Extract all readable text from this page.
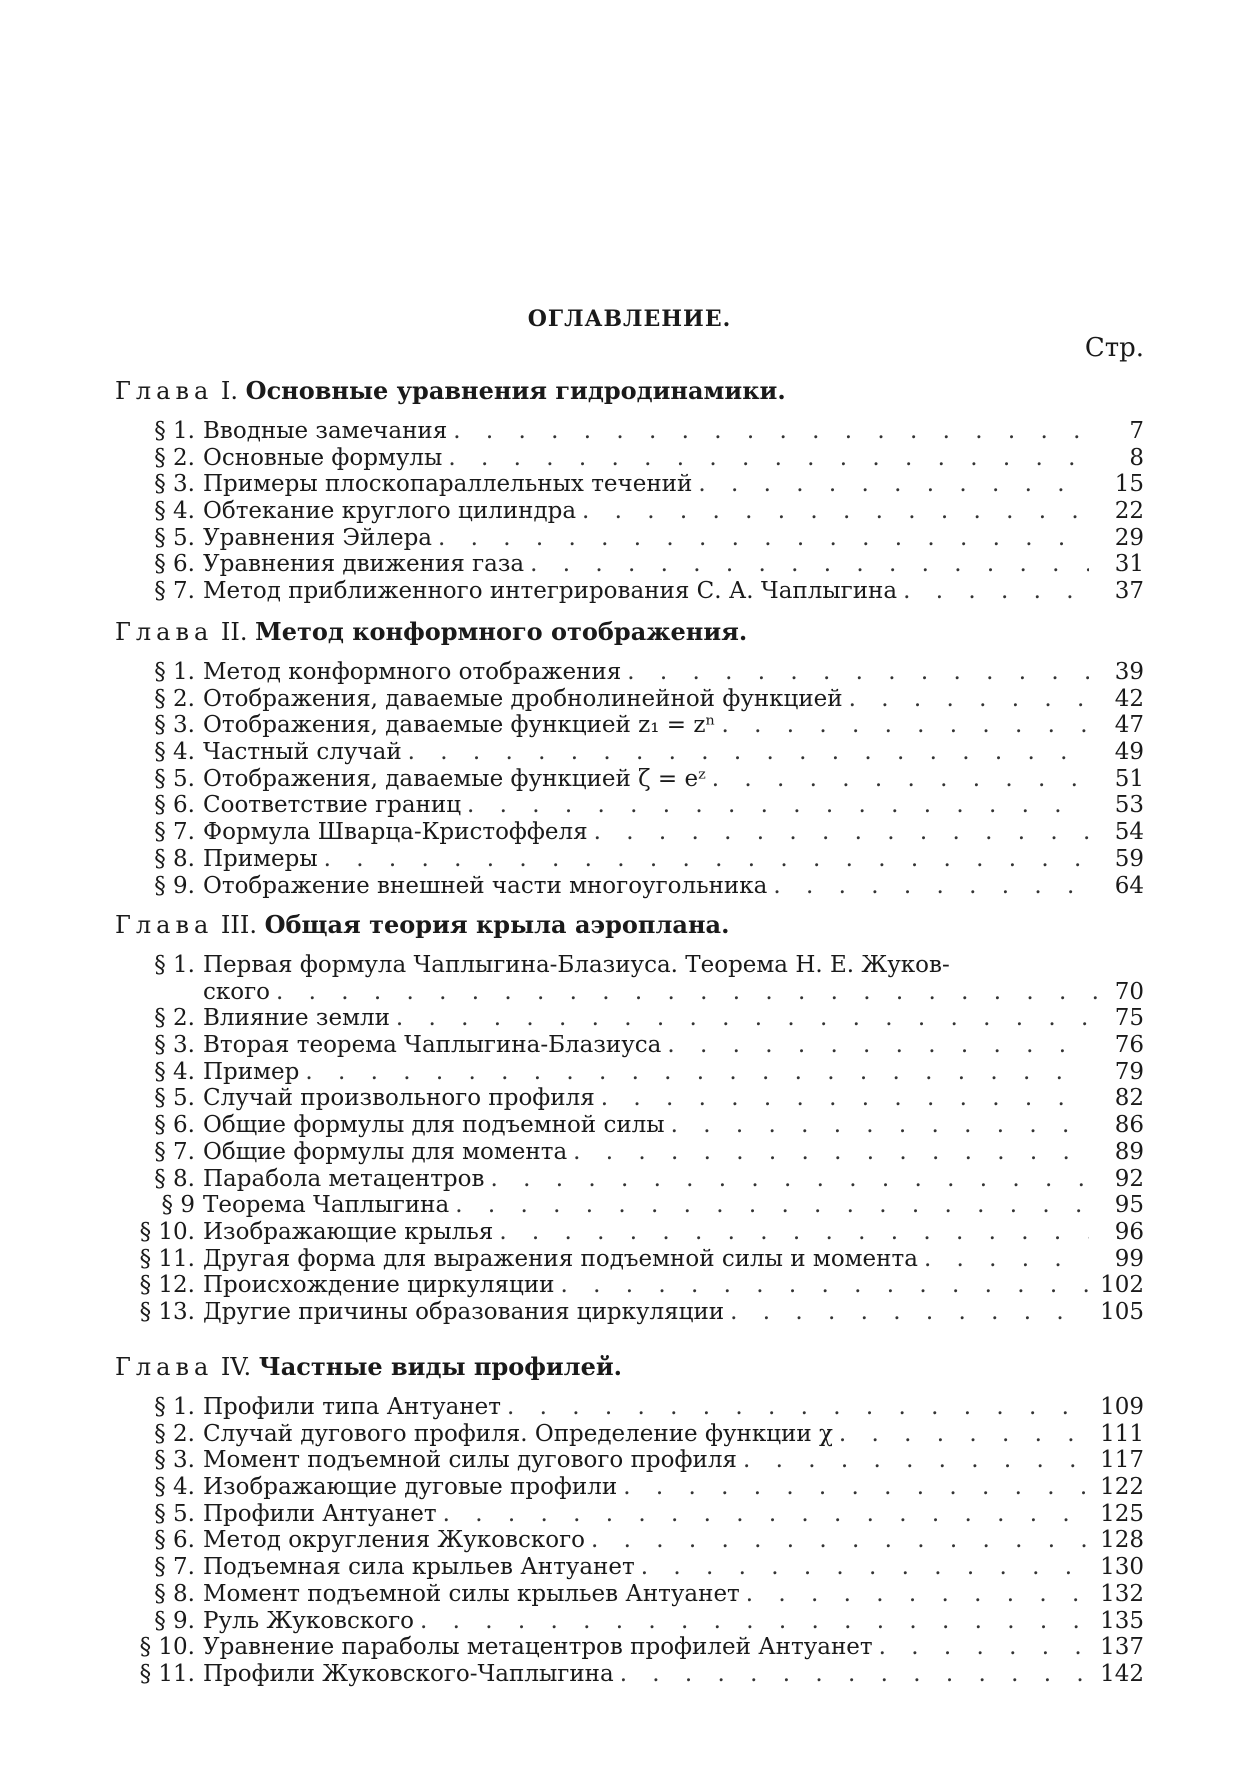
ОГЛАВЛЕНИЕ.
Стр.
Глава I. Основные уравнения гидродинамики.
§ 1. Вводные замечания . . .	7
§ 2. Основные формулы . . .	8
§ 3. Примеры плоскопараллельных течений . . .	15
§ 4. Обтекание круглого цилиндра . . .	22
§ 5. Уравнения Эйлера . . .	29
§ 6. Уравнения движения газа . . .	31
§ 7. Метод приближенного интегрирования С. А. Чаплыгина . . .	37
Глава II. Метод конформного отображения.
§ 1. Метод конформного отображения . . .	39
§ 2. Отображения, даваемые дробнолинейной функцией . . .	42
§ 3. Отображения, даваемые функцией z₁ = zⁿ . . .	47
§ 4. Частный случай . . .	49
§ 5. Отображения, даваемые функцией ζ = eᶻ . . .	51
§ 6. Соответствие границ . . .	53
§ 7. Формула Шварца-Кристоффеля . . .	54
§ 8. Примеры . . .	59
§ 9. Отображение внешней части многоугольника . . .	64
Глава III. Общая теория крыла аэроплана.
§ 1. Первая формула Чаплыгина-Блазиуса. Теорема Н. Е. Жуков-
ского . . .	70
§ 2. Влияние земли . . .	75
§ 3. Вторая теорема Чаплыгина-Блазиуса . . .	76
§ 4. Пример . . .	79
§ 5. Случай произвольного профиля . . .	82
§ 6. Общие формулы для подъемной силы . . .	86
§ 7. Общие формулы для момента . . .	89
§ 8. Парабола метацентров . . .	92
§ 9 Теорема Чаплыгина . . .	95
§ 10. Изображающие крылья . . .	96
§ 11. Другая форма для выражения подъемной силы и момента . . .	99
§ 12. Происхождение циркуляции . . .	102
§ 13. Другие причины образования циркуляции . . .	105
Глава IV. Частные виды профилей.
§ 1. Профили типа Антуанет . . .	109
§ 2. Случай дугового профиля. Определение функции χ . . .	111
§ 3. Момент подъемной силы дугового профиля . . .	117
§ 4. Изображающие дуговые профили . . .	122
§ 5. Профили Антуанет . . .	125
§ 6. Метод округления Жуковского . . .	128
§ 7. Подъемная сила крыльев Антуанет . . .	130
§ 8. Момент подъемной силы крыльев Антуанет . . .	132
§ 9. Руль Жуковского . . .	135
§ 10. Уравнение параболы метацентров профилей Антуанет . . .	137
§ 11. Профили Жуковского-Чаплыгина . . .	142
